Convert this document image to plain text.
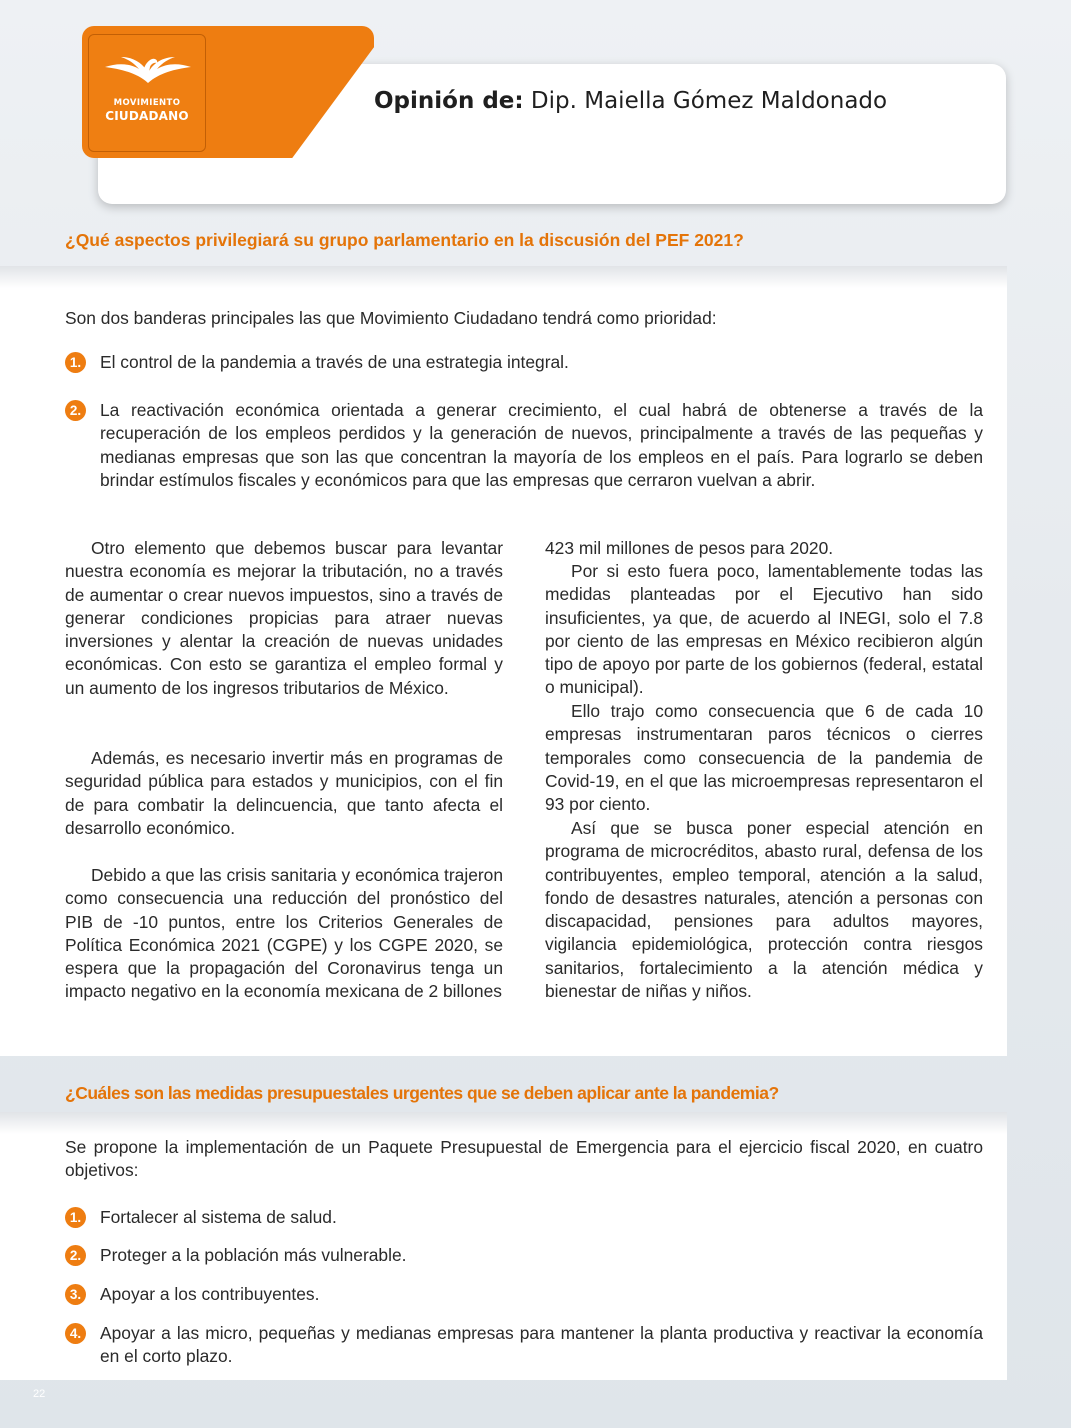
MOVIMIENTO
CIUDADANO
Opinión de: Dip. Maiella Gómez Maldonado
¿Qué aspectos privilegiará su grupo parlamentario en la discusión del PEF 2021?
Son dos banderas principales las que Movimiento Ciudadano tendrá como prioridad:
1. El control de la pandemia a través de una estrategia integral.
2. La reactivación económica orientada a generar crecimiento, el cual habrá de obtenerse a través de la recuperación de los empleos perdidos y la generación de nuevos, principalmente a través de las pequeñas y medianas empresas que son las que concentran la mayoría de los empleos en el país. Para lograrlo se deben brindar estímulos fiscales y económicos para que las empresas que cerraron vuelvan a abrir.
Otro elemento que debemos buscar para levantar nuestra economía es mejorar la tributación, no a través de aumentar o crear nuevos impuestos, sino a través de generar condiciones propicias para atraer nuevas inversiones y alentar la creación de nuevas unidades económicas. Con esto se garantiza el empleo formal y un aumento de los ingresos tributarios de México.
Además, es necesario invertir más en programas de seguridad pública para estados y municipios, con el fin de para combatir la delincuencia, que tanto afecta el desarrollo económico.
Debido a que las crisis sanitaria y económica trajeron como consecuencia una reducción del pronóstico del PIB de -10 puntos, entre los Criterios Generales de Política Económica 2021 (CGPE) y los CGPE 2020, se espera que la propagación del Coronavirus tenga un impacto negativo en la economía mexicana de 2 billones
423 mil millones de pesos para 2020.
Por si esto fuera poco, lamentablemente todas las medidas planteadas por el Ejecutivo han sido insuficientes, ya que, de acuerdo al INEGI, solo el 7.8 por ciento de las empresas en México recibieron algún tipo de apoyo por parte de los gobiernos (federal, estatal o municipal).
Ello trajo como consecuencia que 6 de cada 10 empresas instrumentaran paros técnicos o cierres temporales como consecuencia de la pandemia de Covid-19, en el que las microempresas representaron el 93 por ciento.
Así que se busca poner especial atención en programa de microcréditos, abasto rural, defensa de los contribuyentes, empleo temporal, atención a la salud, fondo de desastres naturales, atención a personas con discapacidad, pensiones para adultos mayores, vigilancia epidemiológica, protección contra riesgos sanitarios, fortalecimiento a la atención médica y bienestar de niñas y niños.
¿Cuáles son las medidas presupuestales urgentes que se deben aplicar ante la pandemia?
Se propone la implementación de un Paquete Presupuestal de Emergencia para el ejercicio fiscal 2020, en cuatro objetivos:
1. Fortalecer al sistema de salud.
2. Proteger a la población más vulnerable.
3. Apoyar a los contribuyentes.
4. Apoyar a las micro, pequeñas y medianas empresas para mantener la planta productiva y reactivar la economía en el corto plazo.
22
